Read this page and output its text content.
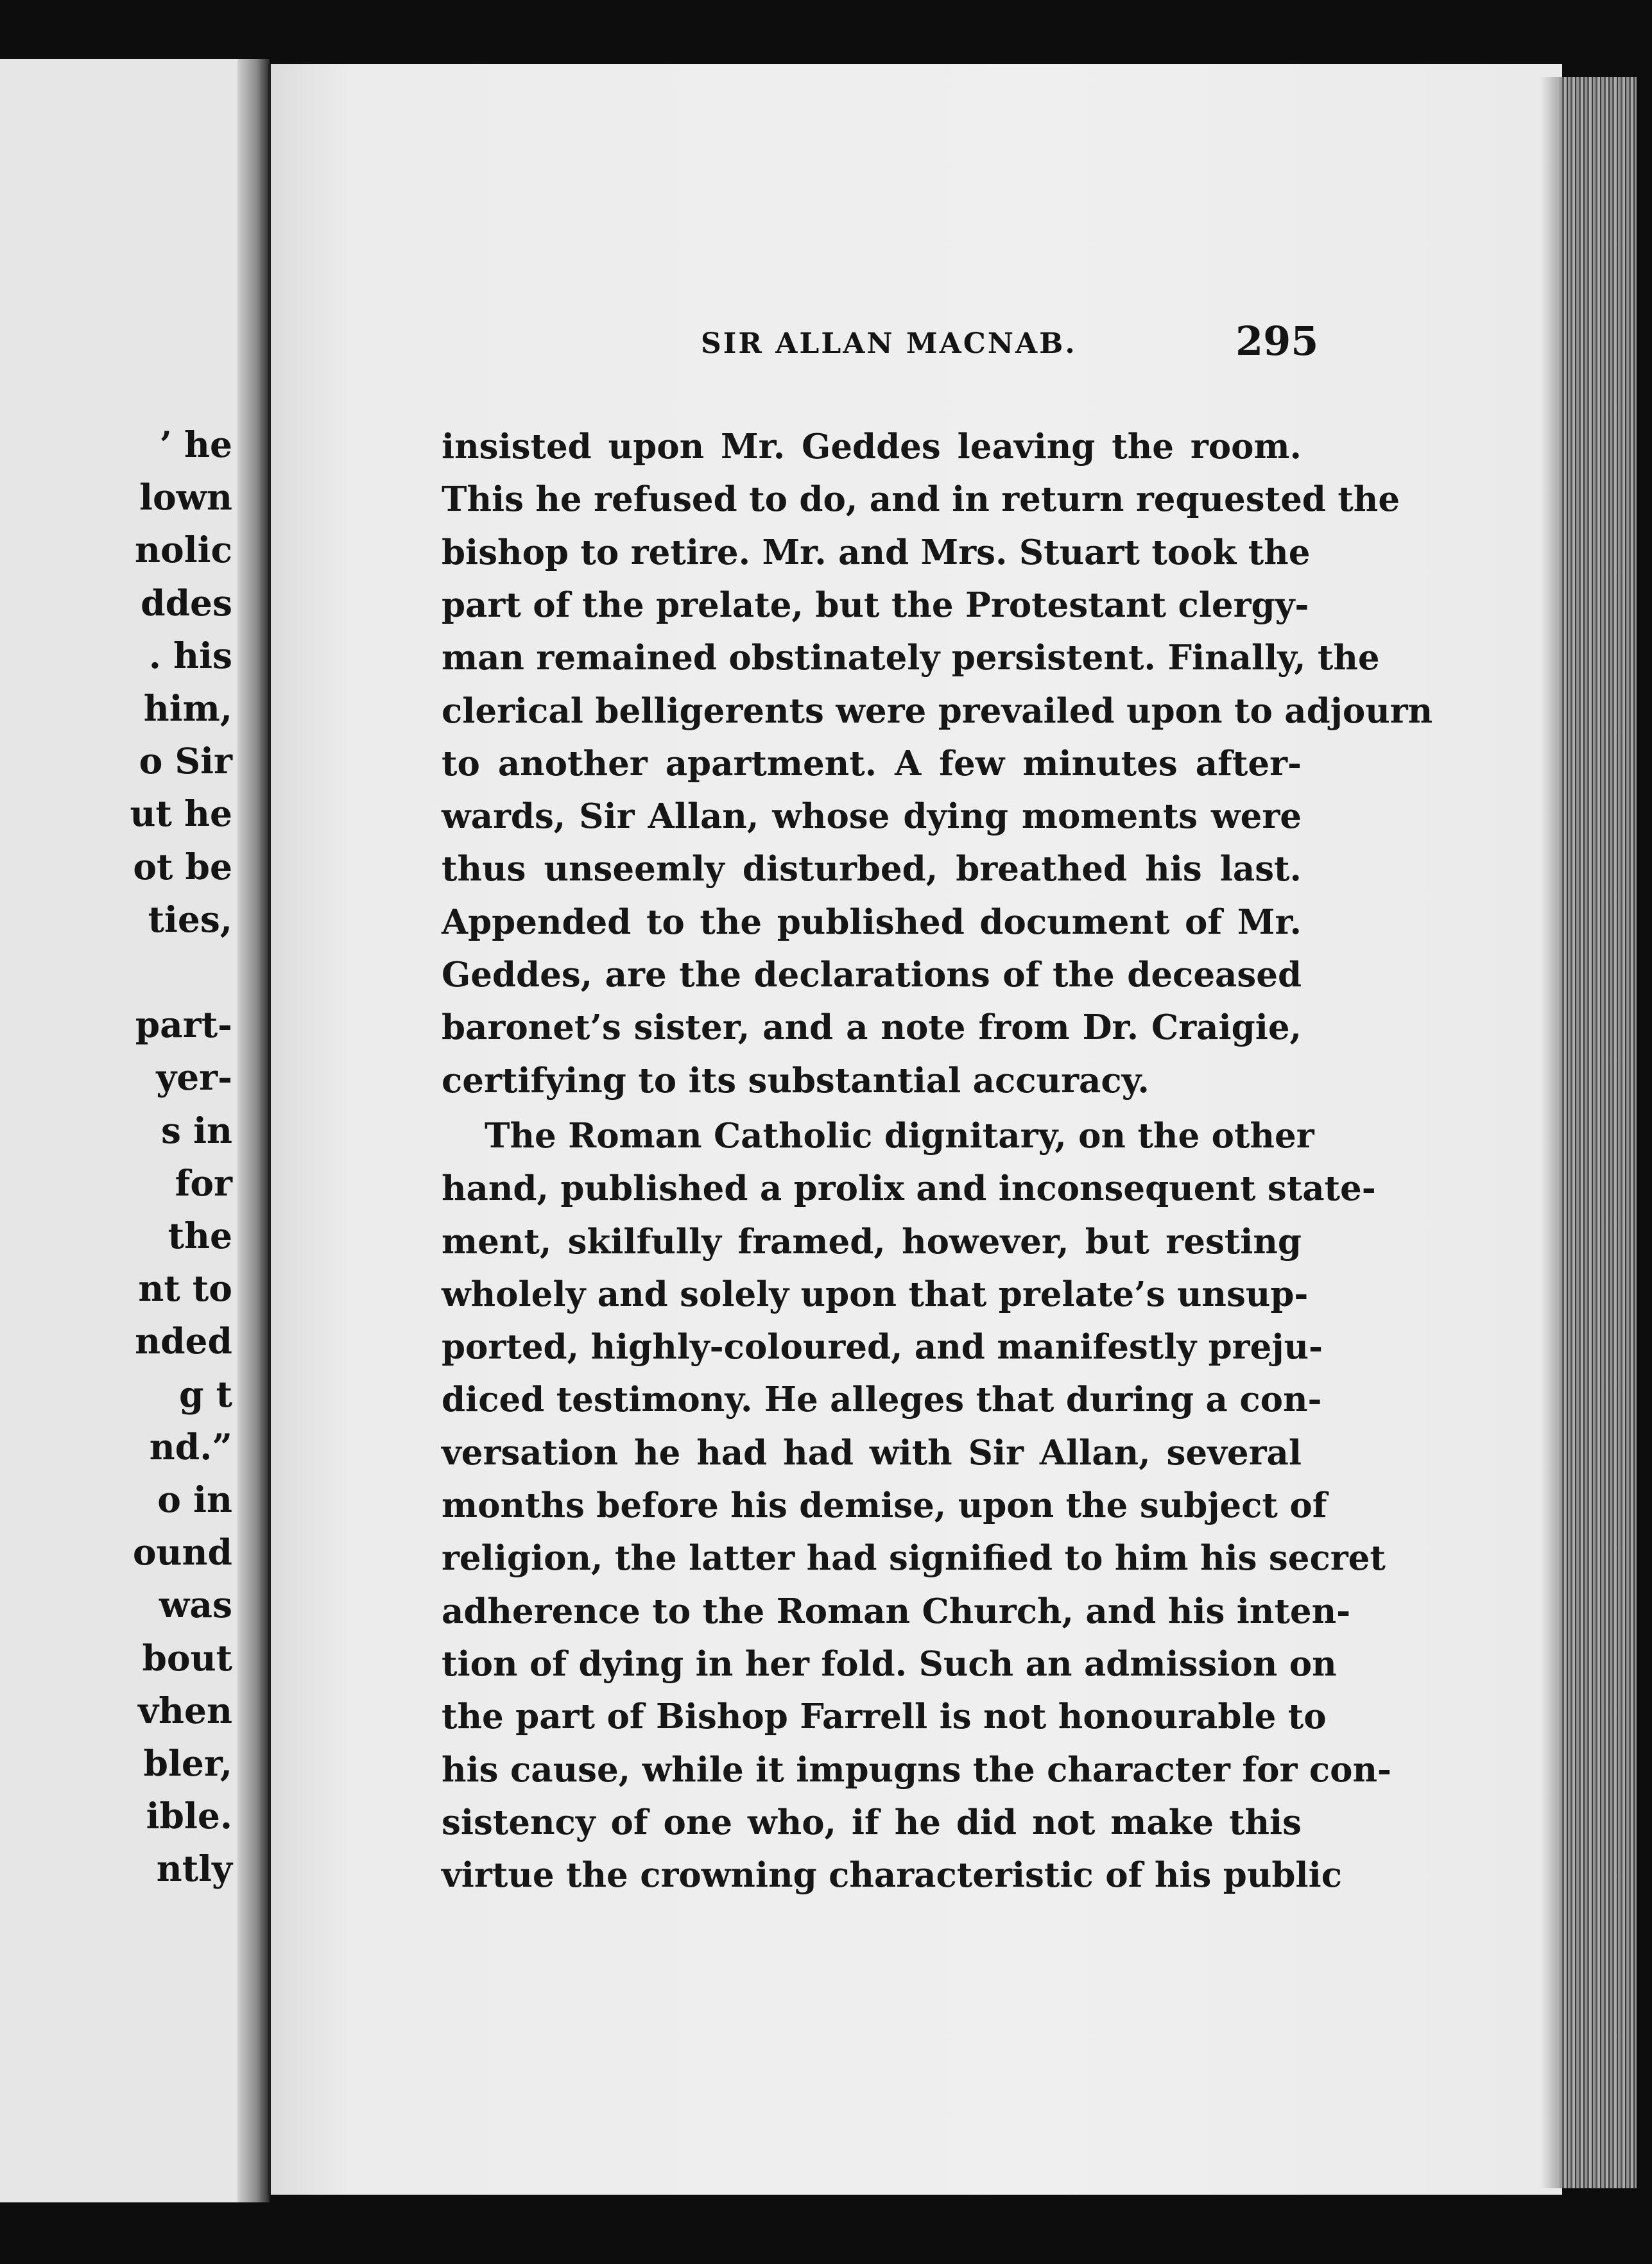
’ he
lown
nolic
ddes
. his
him,
o Sir
ut he
ot be
ties,
part-
yer-
s in
for
the
nt to
nded
g t
nd.”
o in
ound
was
bout
vhen
bler,
ible.
ntly
SIR ALLAN MACNAB.	295
insisted upon Mr. Geddes leaving the room.
This he refused to do, and in return requested the
bishop to retire. Mr. and Mrs. Stuart took the
part of the prelate, but the Protestant clergy-
man remained obstinately persistent. Finally, the
clerical belligerents were prevailed upon to adjourn
to another apartment. A few minutes after-
wards, Sir Allan, whose dying moments were
thus unseemly disturbed, breathed his last.
Appended to the published document of Mr.
Geddes, are the declarations of the deceased
baronet’s sister, and a note from Dr. Craigie,
certifying to its substantial accuracy.
The Roman Catholic dignitary, on the other
hand, published a prolix and inconsequent state-
ment, skilfully framed, however, but resting
wholely and solely upon that prelate’s unsup-
ported, highly-coloured, and manifestly preju-
diced testimony. He alleges that during a con-
versation he had had with Sir Allan, several
months before his demise, upon the subject of
religion, the latter had signified to him his secret
adherence to the Roman Church, and his inten-
tion of dying in her fold. Such an admission on
the part of Bishop Farrell is not honourable to
his cause, while it impugns the character for con-
sistency of one who, if he did not make this
virtue the crowning characteristic of his public
